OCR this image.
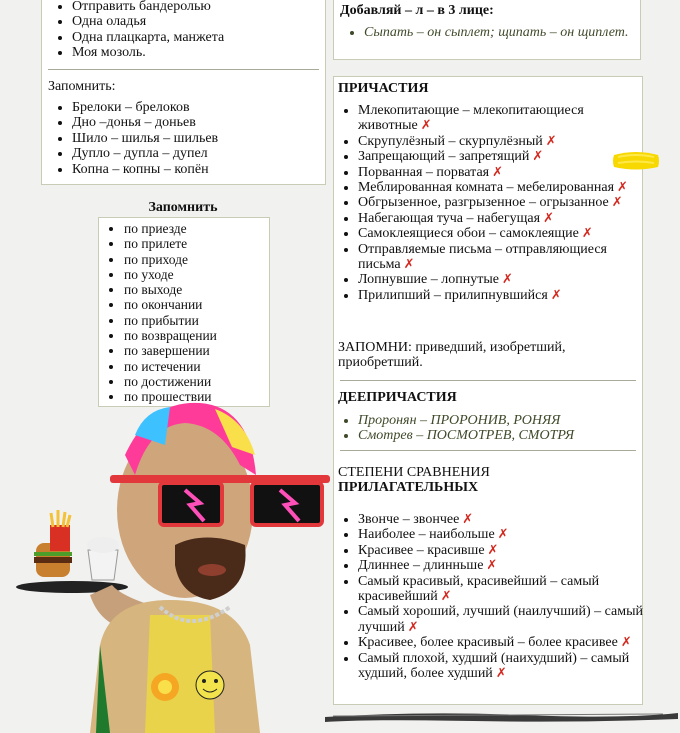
• Отправить бандеролью
• Одна оладья
• Одна плацкарта, манжета
• Моя мозоль.
Запомнить:
• Брелоки – брелоков
• Дно –донья – доньев
• Шило – шилья – шильев
• Дупло – дупла – дупел
• Копна – копны – копён
Запомнить
• по приезде
• по прилете
• по приходе
• по уходе
• по выходе
• по окончании
• по прибытии
• по возвращении
• по завершении
• по истечении
• по достижении
• по прошествии
Добавляй – л – в 3 лице:
• Сыпать – он сыплет; щипать – он щиплет.
ПРИЧАСТИЯ
• Млекопитающие – млекопитающиеся животные ✗
• Скрупулёзный – скурпулёзный ✗
• Запрещающий – запретящий ✗
• Порванная – порватая ✗
• Меблированная комната – мебелированная ✗
• Обгрызенное, разгрызенное – огрызанное ✗
• Набегающая туча – набегущая ✗
• Самоклеящиеся обои – самоклеящие ✗
• Отправляемые письма – отправляющиеся письма ✗
• Лопнувшие – лопнутые ✗
• Прилипший – прилипнувшийся ✗
ЗАПОМНИ: приведший, изобретший, приобретший.
ДЕЕПРИЧАСТИЯ
• Проронян – ПРОРОНИВ, РОНЯЯ
• Смотрев – ПОСМОТРЕВ, СМОТРЯ
СТЕПЕНИ СРАВНЕНИЯ
ПРИЛАГАТЕЛЬНЫХ
• Звонче – звончее ✗
• Наиболее – наибольше ✗
• Красивее – красивше ✗
• Длиннее – длинньше ✗
• Самый красивый, красивейший – самый красивейший ✗
• Самый хороший, лучший (наилучший) – самый лучший ✗
• Красивее, более красивый – более красивее ✗
• Самый плохой, худший (наихудший) – самый худший, более худший ✗
